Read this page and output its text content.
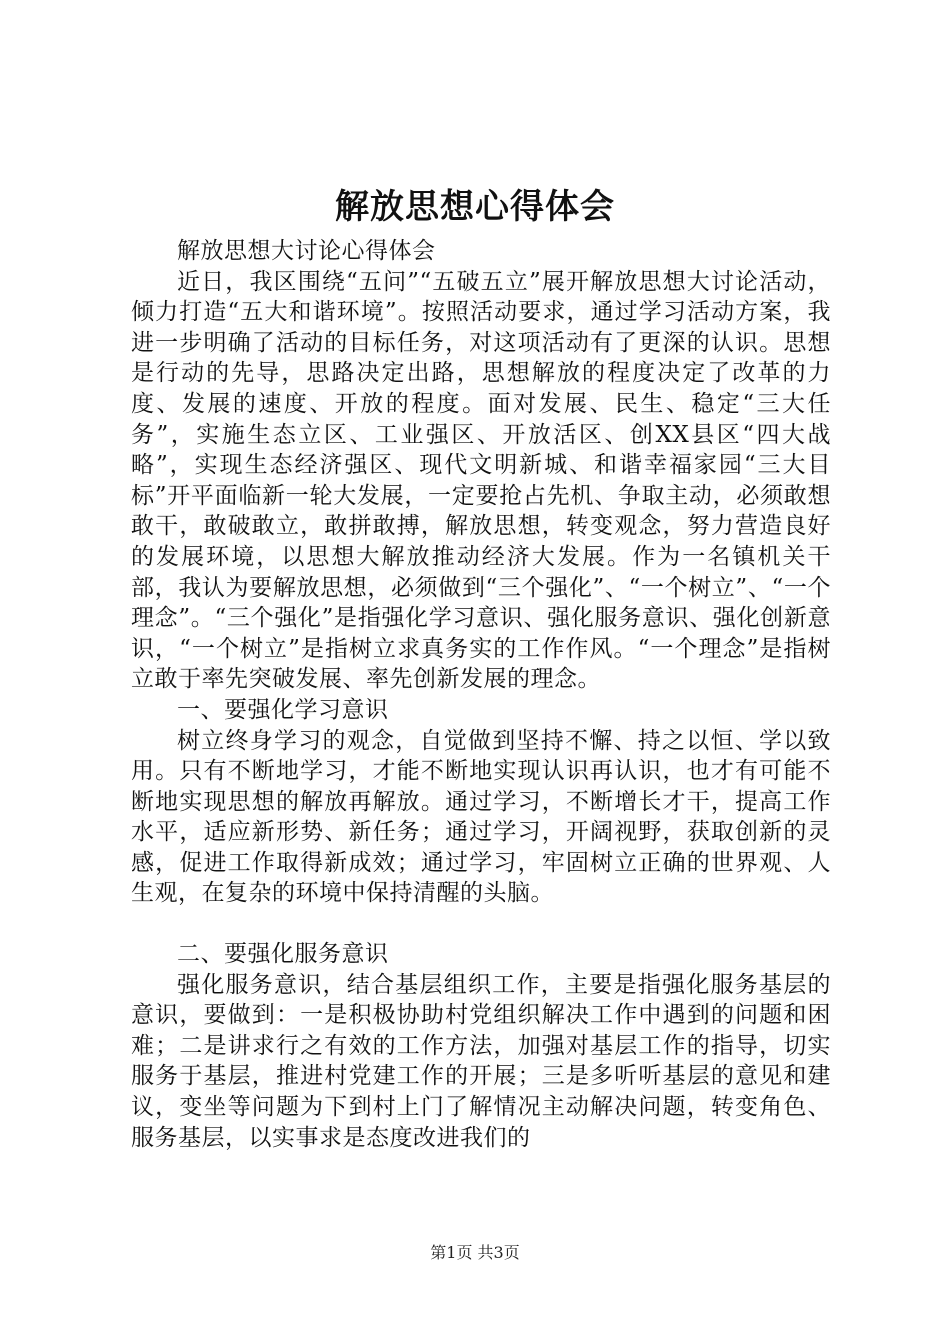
解放思想心得体会

解放思想大讨论心得体会

近日，我区围绕“五问”“五破五立”展开解放思想大讨论活动，倾力打造“五大和谐环境”。按照活动要求，通过学习活动方案，我进一步明确了活动的目标任务，对这项活动有了更深的认识。思想是行动的先导，思路决定出路，思想解放的程度决定了改革的力度、发展的速度、开放的程度。面对发展、民生、稳定“三大任务”，实施生态立区、工业强区、开放活区、创XX县区“四大战略”，实现生态经济强区、现代文明新城、和谐幸福家园“三大目标”开平面临新一轮大发展，一定要抢占先机、争取主动，必须敢想敢干，敢破敢立，敢拼敢搏，解放思想，转变观念，努力营造良好的发展环境，以思想大解放推动经济大发展。作为一名镇机关干部，我认为要解放思想，必须做到“三个强化”、“一个树立”、“一个理念”。“三个强化”是指强化学习意识、强化服务意识、强化创新意识，“一个树立”是指树立求真务实的工作作风。“一个理念”是指树立敢于率先突破发展、率先创新发展的理念。

一、要强化学习意识

树立终身学习的观念，自觉做到坚持不懈、持之以恒、学以致用。只有不断地学习，才能不断地实现认识再认识，也才有可能不断地实现思想的解放再解放。通过学习，不断增长才干，提高工作水平，适应新形势、新任务；通过学习，开阔视野，获取创新的灵感，促进工作取得新成效；通过学习，牢固树立正确的世界观、人生观，在复杂的环境中保持清醒的头脑。

二、要强化服务意识

强化服务意识，结合基层组织工作，主要是指强化服务基层的意识，要做到：一是积极协助村党组织解决工作中遇到的问题和困难；二是讲求行之有效的工作方法，加强对基层工作的指导，切实服务于基层，推进村党建工作的开展；三是多听听基层的意见和建议，变坐等问题为下到村上门了解情况主动解决问题，转变角色、服务基层，以实事求是态度改进我们的

第1页 共3页
